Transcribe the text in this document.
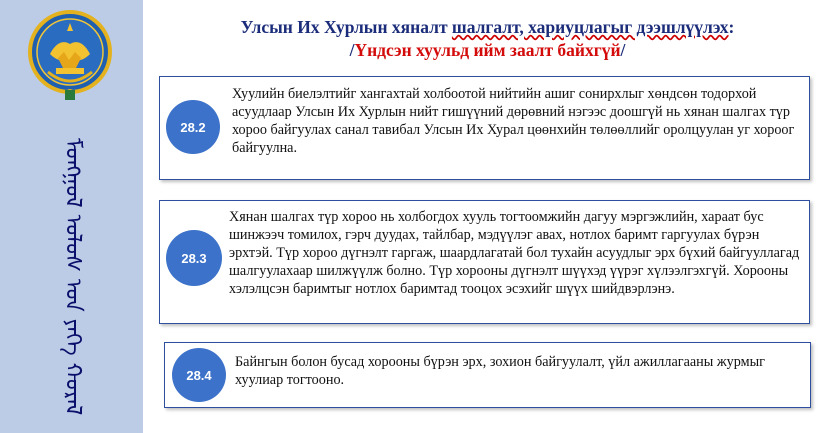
ᠮᠣᠩᠭᠣᠯ ᠤᠯᠤᠰ ᠤᠨ ᠶᠡᠬᠡ ᠬᠤᠷᠠᠯ
Улсын Их Хурлын хяналт шалгалт, хариуцлагыг дээшлүүлэх:
/Үндсэн хуульд ийм заалт байхгүй/
28.2
Хуулийн биелэлтийг хангахтай холбоотой нийтийн ашиг сонирхлыг хөндсөн тодорхой асуудлаар Улсын Их Хурлын нийт гишүүний дөрөвний нэгээс доошгүй нь хянан шалгах түр хороо байгуулах санал тавибал Улсын Их Хурал цөөнхийн төлөөллийг оролцуулан уг хороог байгуулна.
28.3
Хянан шалгах түр хороо нь холбогдох хууль тогтоомжийн дагуу мэргэжлийн, хараат бус шинжээч томилох, гэрч дуудах, тайлбар, мэдүүлэг авах, нотлох баримт гаргуулах бүрэн эрхтэй. Түр хороо дүгнэлт гаргаж, шаардлагатай бол тухайн асуудлыг эрх бүхий байгууллагад шалгуулахаар шилжүүлж болно. Түр хорооны дүгнэлт шүүхэд үүрэг хүлээлгэхгүй. Хорооны хэлэлцсэн баримтыг нотлох баримтад тооцох эсэхийг шүүх шийдвэрлэнэ.
28.4
Байнгын болон бусад хорооны бүрэн эрх, зохион байгуулалт, үйл ажиллагааны журмыг хуулиар тогтооно.
